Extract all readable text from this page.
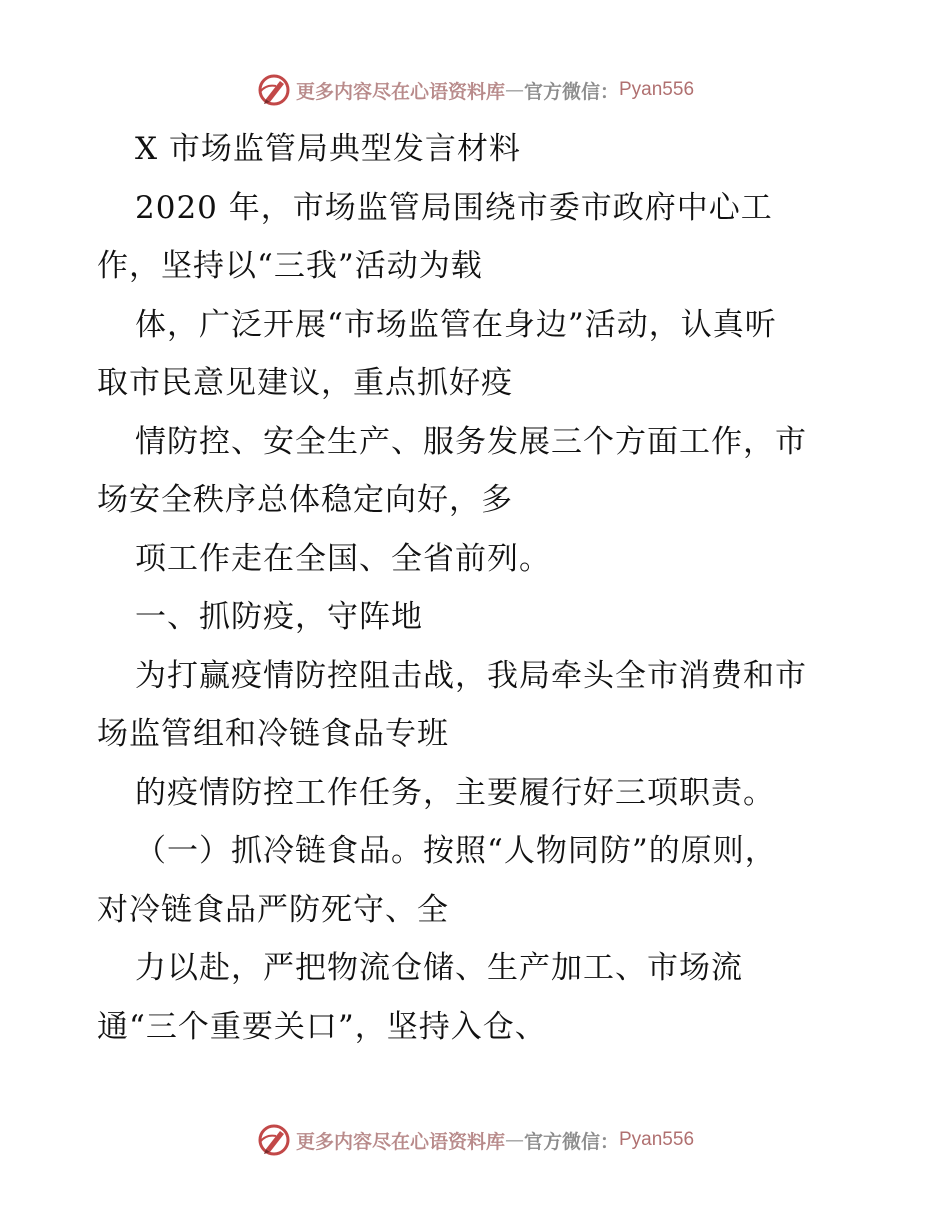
更多内容尽在心语资料库 — 官方微信： Pyan556
X 市场监管局典型发言材料
2020 年，市场监管局围绕市委市政府中心工
作，坚持以“三我”活动为载
体，广泛开展“市场监管在身边”活动，认真听
取市民意见建议，重点抓好疫
情防控、安全生产、服务发展三个方面工作，市
场安全秩序总体稳定向好，多
项工作走在全国、全省前列。
一、抓防疫，守阵地
为打赢疫情防控阻击战，我局牵头全市消费和市
场监管组和冷链食品专班
的疫情防控工作任务，主要履行好三项职责。
（一）抓冷链食品。按照“人物同防”的原则，
对冷链食品严防死守、全
力以赴，严把物流仓储、生产加工、市场流
通“三个重要关口”，坚持入仓、
更多内容尽在心语资料库 — 官方微信： Pyan556
